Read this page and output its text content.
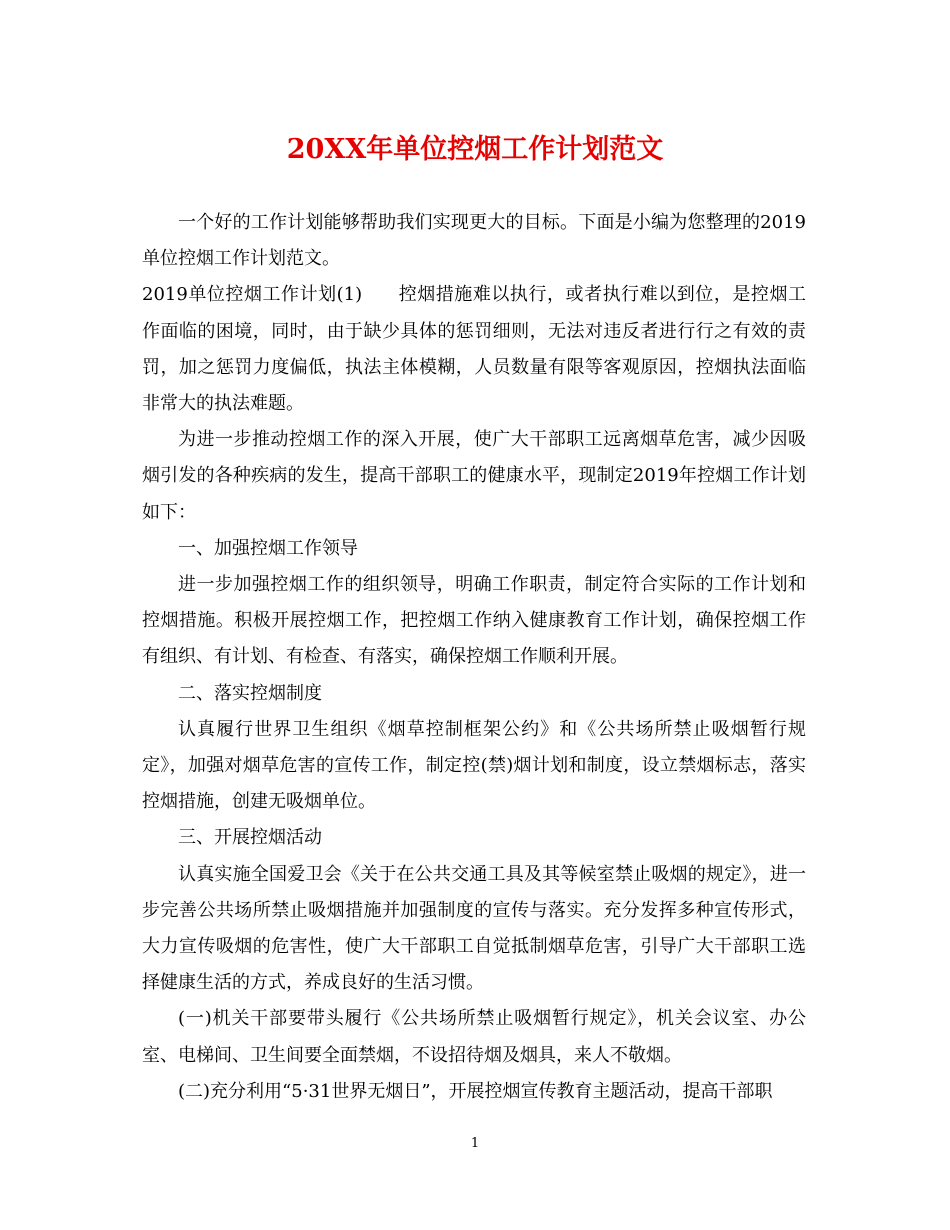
20XX年单位控烟工作计划范文

一个好的工作计划能够帮助我们实现更大的目标。下面是小编为您整理的2019单位控烟工作计划范文。

2019单位控烟工作计划(1) 控烟措施难以执行，或者执行难以到位，是控烟工作面临的困境，同时，由于缺少具体的惩罚细则，无法对违反者进行行之有效的责罚，加之惩罚力度偏低，执法主体模糊，人员数量有限等客观原因，控烟执法面临非常大的执法难题。

为进一步推动控烟工作的深入开展，使广大干部职工远离烟草危害，减少因吸烟引发的各种疾病的发生，提高干部职工的健康水平，现制定2019年控烟工作计划如下：

一、加强控烟工作领导

进一步加强控烟工作的组织领导，明确工作职责，制定符合实际的工作计划和控烟措施。积极开展控烟工作，把控烟工作纳入健康教育工作计划，确保控烟工作有组织、有计划、有检查、有落实，确保控烟工作顺利开展。

二、落实控烟制度

认真履行世界卫生组织《烟草控制框架公约》和《公共场所禁止吸烟暂行规定》，加强对烟草危害的宣传工作，制定控(禁)烟计划和制度，设立禁烟标志，落实控烟措施，创建无吸烟单位。

三、开展控烟活动

认真实施全国爱卫会《关于在公共交通工具及其等候室禁止吸烟的规定》，进一步完善公共场所禁止吸烟措施并加强制度的宣传与落实。充分发挥多种宣传形式，大力宣传吸烟的危害性，使广大干部职工自觉抵制烟草危害，引导广大干部职工选择健康生活的方式，养成良好的生活习惯。

(一)机关干部要带头履行《公共场所禁止吸烟暂行规定》，机关会议室、办公室、电梯间、卫生间要全面禁烟，不设招待烟及烟具，来人不敬烟。

(二)充分利用“5·31世界无烟日”，开展控烟宣传教育主题活动，提高干部职

1
